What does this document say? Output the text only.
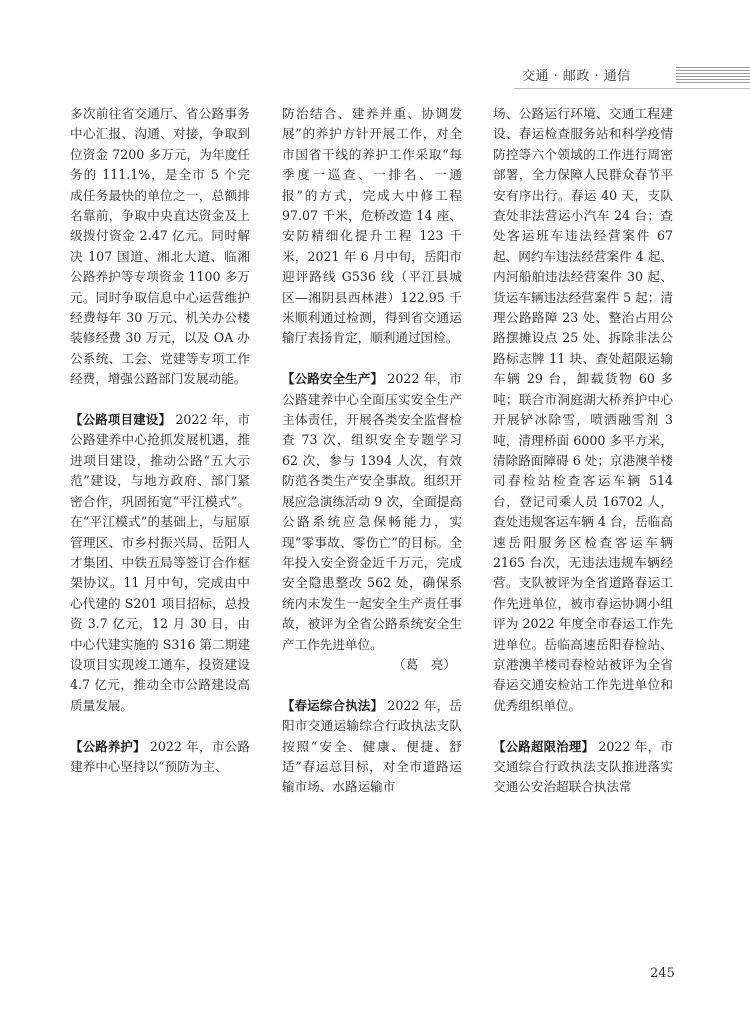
交通 · 邮政 · 通信

多次前往省交通厅、省公路事务中心汇报、沟通、对接，争取到位资金 7200 多万元，为年度任务的 111.1%，是全市 5 个完成任务最快的单位之一，总额排名靠前，争取中央直达资金及上级拨付资金 2.47 亿元。同时解决 107 国道、湘北大道、临湘公路养护等专项资金 1100 多万元。同时争取信息中心运营维护经费每年 30 万元、机关办公楼装修经费 30 万元，以及 OA 办公系统、工会、党建等专项工作经费，增强公路部门发展动能。

【公路项目建设】 2022 年，市公路建养中心抢抓发展机遇，推进项目建设，推动公路“五大示范”建设，与地方政府、部门紧密合作，巩固拓宽“平江模式”。在“平江模式”的基础上，与屈原管理区、市乡村振兴局、岳阳人才集团、中铁五局等签订合作框架协议。11 月中旬，完成由中心代建的 S201 项目招标，总投资 3.7 亿元，12 月 30 日，由中心代建实施的 S316 第二期建设项目实现竣工通车，投资建设 4.7 亿元，推动全市公路建设高质量发展。

【公路养护】 2022 年，市公路建养中心坚持以“预防为主、

防治结合、建养并重、协调发展”的养护方针开展工作，对全市国省干线的养护工作采取“每季度一巡查、一排名、一通报”的方式，完成大中修工程 97.07 千米，危桥改造 14 座、安防精细化提升工程 123 千米，2021 年 6 月中旬，岳阳市迎评路线 G536 线（平江县城区—湘阴县西林港）122.95 千米顺利通过检测，得到省交通运输厅表扬肯定，顺利通过国检。

【公路安全生产】 2022 年，市公路建养中心全面压实安全生产主体责任，开展各类安全监督检查 73 次，组织安全专题学习 62 次，参与 1394 人次，有效防范各类生产安全事故。组织开展应急演练活动 9 次，全面提高公路系统应急保畅能力，实现“零事故、零伤亡”的目标。全年投入安全资金近千万元，完成安全隐患整改 562 处，确保系统内未发生一起安全生产责任事故，被评为全省公路系统安全生产工作先进单位。

（葛　亮）

【春运综合执法】 2022 年，岳阳市交通运输综合行政执法支队按照“安全、健康、便捷、舒适”春运总目标，对全市道路运输市场、水路运输市

场、公路运行环境、交通工程建设、春运检查服务站和科学疫情防控等六个领域的工作进行周密部署，全力保障人民群众春节平安有序出行。春运 40 天，支队查处非法营运小汽车 24 台；查处客运班车违法经营案件 67 起、网约车违法经营案件 4 起、内河船舶违法经营案件 30 起、货运车辆违法经营案件 5 起；清理公路路障 23 处、整治占用公路摆摊设点 25 处、拆除非法公路标志牌 11 块、查处超限运输车辆 29 台，卸载货物 60 多吨；联合市洞庭湖大桥养护中心开展铲冰除雪，喷洒融雪剂 3 吨，清理桥面 6000 多平方米，清除路面障碍 6 处；京港澳羊楼司春检站检查客运车辆 514 台，登记司乘人员 16702 人，查处违规客运车辆 4 台，岳临高速岳阳服务区检查客运车辆 2165 台次，无违法违规车辆经营。支队被评为全省道路春运工作先进单位，被市春运协调小组评为 2022 年度全市春运工作先进单位。岳临高速岳阳春检站、京港澳羊楼司春检站被评为全省春运交通安检站工作先进单位和优秀组织单位。

【公路超限治理】 2022 年，市交通综合行政执法支队推进落实交通公安治超联合执法常

245
